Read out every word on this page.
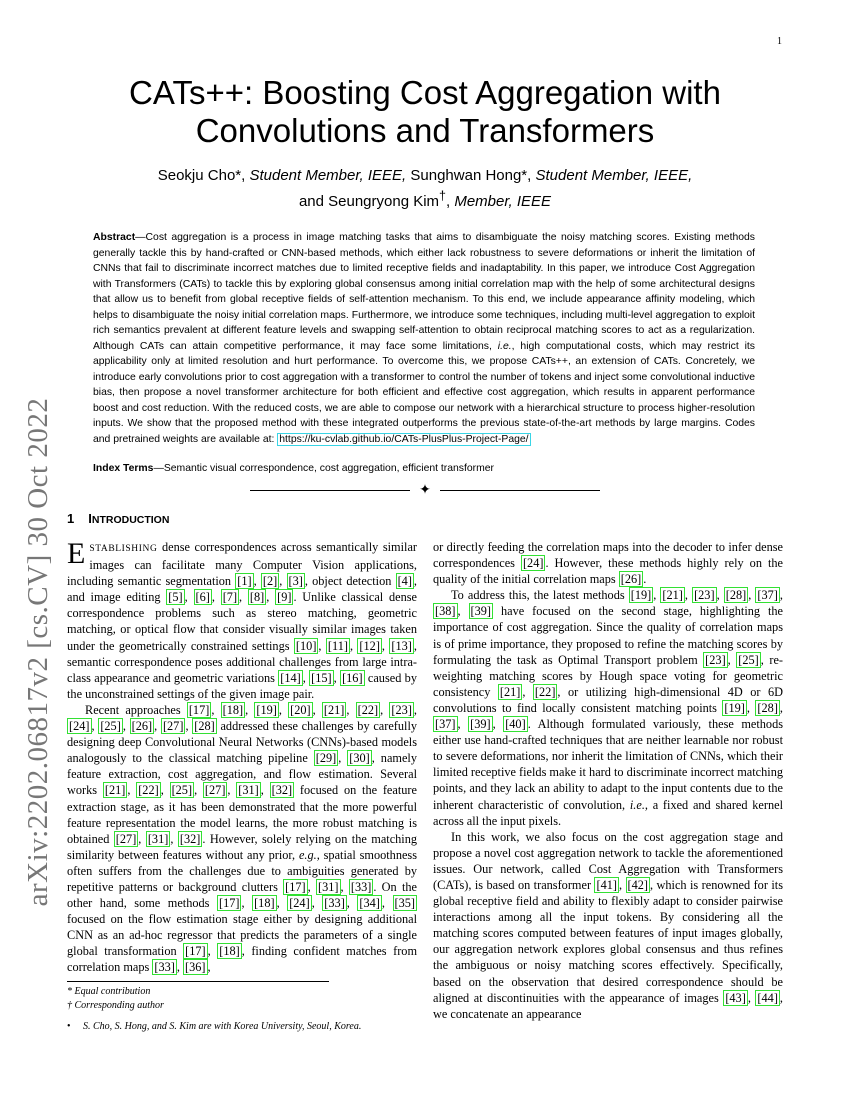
1
arXiv:2202.06817v2 [cs.CV] 30 Oct 2022
CATs++: Boosting Cost Aggregation with
Convolutions and Transformers
Seokju Cho*, Student Member, IEEE, Sunghwan Hong*, Student Member, IEEE,
and Seungryong Kim†, Member, IEEE
Abstract—Cost aggregation is a process in image matching tasks that aims to disambiguate the noisy matching scores. Existing methods generally tackle this by hand-crafted or CNN-based methods, which either lack robustness to severe deformations or inherit the limitation of CNNs that fail to discriminate incorrect matches due to limited receptive fields and inadaptability. In this paper, we introduce Cost Aggregation with Transformers (CATs) to tackle this by exploring global consensus among initial correlation map with the help of some architectural designs that allow us to benefit from global receptive fields of self-attention mechanism. To this end, we include appearance affinity modeling, which helps to disambiguate the noisy initial correlation maps. Furthermore, we introduce some techniques, including multi-level aggregation to exploit rich semantics prevalent at different feature levels and swapping self-attention to obtain reciprocal matching scores to act as a regularization. Although CATs can attain competitive performance, it may face some limitations, i.e., high computational costs, which may restrict its applicability only at limited resolution and hurt performance. To overcome this, we propose CATs++, an extension of CATs. Concretely, we introduce early convolutions prior to cost aggregation with a transformer to control the number of tokens and inject some convolutional inductive bias, then propose a novel transformer architecture for both efficient and effective cost aggregation, which results in apparent performance boost and cost reduction. With the reduced costs, we are able to compose our network with a hierarchical structure to process higher-resolution inputs. We show that the proposed method with these integrated outperforms the previous state-of-the-art methods by large margins. Codes and pretrained weights are available at: https://ku-cvlab.github.io/CATs-PlusPlus-Project-Page/
Index Terms—Semantic visual correspondence, cost aggregation, efficient transformer
✦
1 INTRODUCTION

ESTABLISHING dense correspondences across semantically similar images can facilitate many Computer Vision applications, including semantic segmentation [1] , [2] , [3] , object detection [4] , and image editing [5] , [6] , [7] , [8] , [9] . Unlike classical dense correspondence problems such as stereo matching, geometric matching, or optical flow that consider visually similar images taken under the geometrically constrained settings [10] , [11] , [12] , [13] , semantic correspondence poses additional challenges from large intra-class appearance and geometric variations [14] , [15] , [16] caused by the unconstrained settings of the given image pair.

Recent approaches [17] , [18] , [19] , [20] , [21] , [22] , [23] , [24] , [25] , [26] , [27] , [28] addressed these challenges by carefully designing deep Convolutional Neural Networks (CNNs)-based models analogously to the classical matching pipeline [29] , [30] , namely feature extraction, cost aggregation, and flow estimation. Several works [21] , [22] , [25] , [27] , [31] , [32] focused on the feature extraction stage, as it has been demonstrated that the more powerful feature representation the model learns, the more robust matching is obtained [27] , [31] , [32] . However, solely relying on the matching similarity between features without any prior, e.g., spatial smoothness often suffers from the challenges due to ambiguities generated by repetitive patterns or background clutters [17] , [31] , [33] . On the other hand, some methods [17] , [18] , [24] , [33] , [34] , [35] focused on the flow estimation stage either by designing additional CNN as an ad-hoc regressor that predicts the parameters of a single global transformation [17] , [18] , finding confident matches from correlation maps [33] , [36] ,

or directly feeding the correlation maps into the decoder to infer dense correspondences [24] . However, these methods highly rely on the quality of the initial correlation maps [26] .

To address this, the latest methods [19] , [21] , [23] , [28] , [37] , [38] , [39] have focused on the second stage, highlighting the importance of cost aggregation. Since the quality of correlation maps is of prime importance, they proposed to refine the matching scores by formulating the task as Optimal Transport problem [23] , [25] , re-weighting matching scores by Hough space voting for geometric consistency [21] , [22] , or utilizing high-dimensional 4D or 6D convolutions to find locally consistent matching points [19] , [28] , [37] , [39] , [40] . Although formulated variously, these methods either use hand-crafted techniques that are neither learnable nor robust to severe deformations, nor inherit the limitation of CNNs, which their limited receptive fields make it hard to discriminate incorrect matching points, and they lack an ability to adapt to the input contents due to the inherent characteristic of convolution, i.e., a fixed and shared kernel across all the input pixels.

In this work, we also focus on the cost aggregation stage and propose a novel cost aggregation network to tackle the aforementioned issues. Our network, called Cost Aggregation with Transformers (CATs), is based on transformer [41] , [42] , which is renowned for its global receptive field and ability to flexibly adapt to consider pairwise interactions among all the input tokens. By considering all the matching scores computed between features of input images globally, our aggregation network explores global consensus and thus refines the ambiguous or noisy matching scores effectively. Specifically, based on the observation that desired correspondence should be aligned at discontinuities with the appearance of images [43] , [44] , we concatenate an appearance

* Equal contribution
† Corresponding author
•	S. Cho, S. Hong, and S. Kim are with Korea University, Seoul, Korea.
